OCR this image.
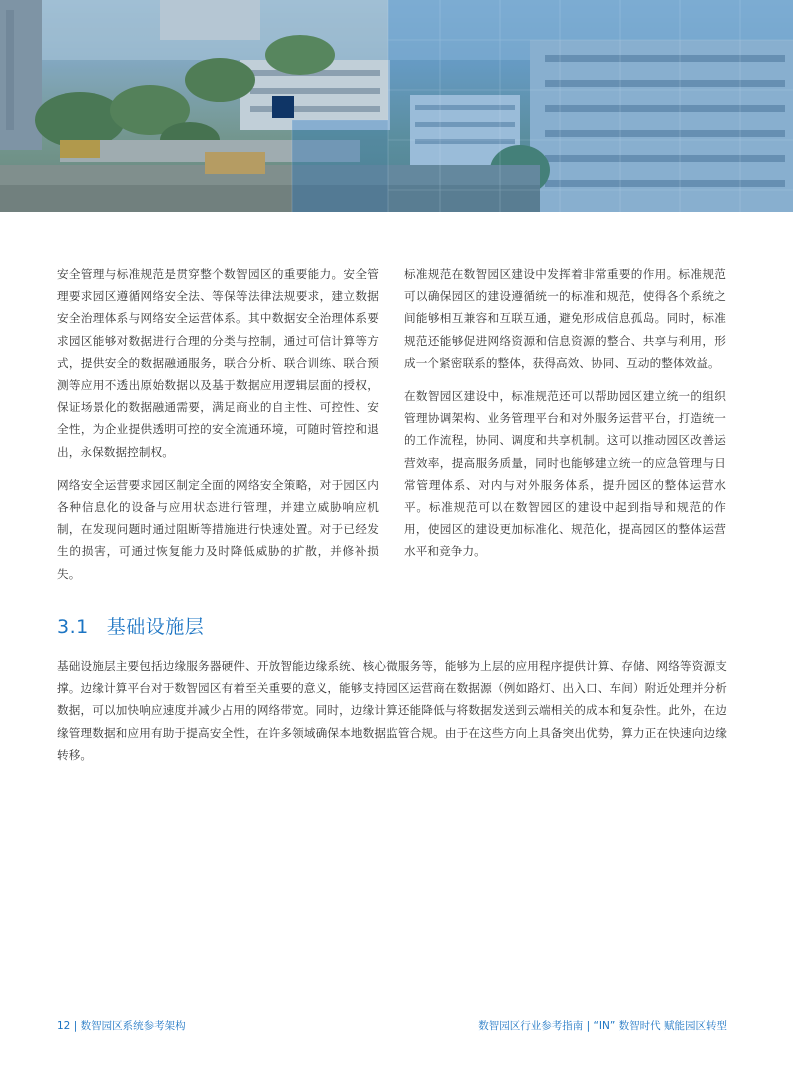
安全管理与标准规范是贯穿整个数智园区的重要能力。安全管理要求园区遵循网络安全法、等保等法律法规要求，建立数据安全治理体系与网络安全运营体系。其中数据安全治理体系要求园区能够对数据进行合理的分类与控制，通过可信计算等方式，提供安全的数据融通服务，联合分析、联合训练、联合预测等应用不透出原始数据以及基于数据应用逻辑层面的授权，保证场景化的数据融通需要，满足商业的自主性、可控性、安全性，为企业提供透明可控的安全流通环境，可随时管控和退出，永保数据控制权。

网络安全运营要求园区制定全面的网络安全策略，对于园区内各种信息化的设备与应用状态进行管理，并建立威胁响应机制，在发现问题时通过阻断等措施进行快速处置。对于已经发生的损害，可通过恢复能力及时降低威胁的扩散，并修补损失。

标准规范在数智园区建设中发挥着非常重要的作用。标准规范可以确保园区的建设遵循统一的标准和规范，使得各个系统之间能够相互兼容和互联互通，避免形成信息孤岛。同时，标准规范还能够促进网络资源和信息资源的整合、共享与利用，形成一个紧密联系的整体，获得高效、协同、互动的整体效益。

在数智园区建设中，标准规范还可以帮助园区建立统一的组织管理协调架构、业务管理平台和对外服务运营平台，打造统一的工作流程，协同、调度和共享机制。这可以推动园区改善运营效率，提高服务质量，同时也能够建立统一的应急管理与日常管理体系、对内与对外服务体系，提升园区的整体运营水平。标准规范可以在数智园区的建设中起到指导和规范的作用，使园区的建设更加标准化、规范化，提高园区的整体运营水平和竞争力。

3.1 基础设施层

基础设施层主要包括边缘服务器硬件、开放智能边缘系统、核心微服务等，能够为上层的应用程序提供计算、存储、网络等资源支撑。边缘计算平台对于数智园区有着至关重要的意义，能够支持园区运营商在数据源（例如路灯、出入口、车间）附近处理并分析数据，可以加快响应速度并减少占用的网络带宽。同时，边缘计算还能降低与将数据发送到云端相关的成本和复杂性。此外，在边缘管理数据和应用有助于提高安全性，在许多领域确保本地数据监管合规。由于在这些方向上具备突出优势，算力正在快速向边缘转移。

12 | 数智园区系统参考架构	数智园区行业参考指南 | “IN” 数智时代 赋能园区转型
